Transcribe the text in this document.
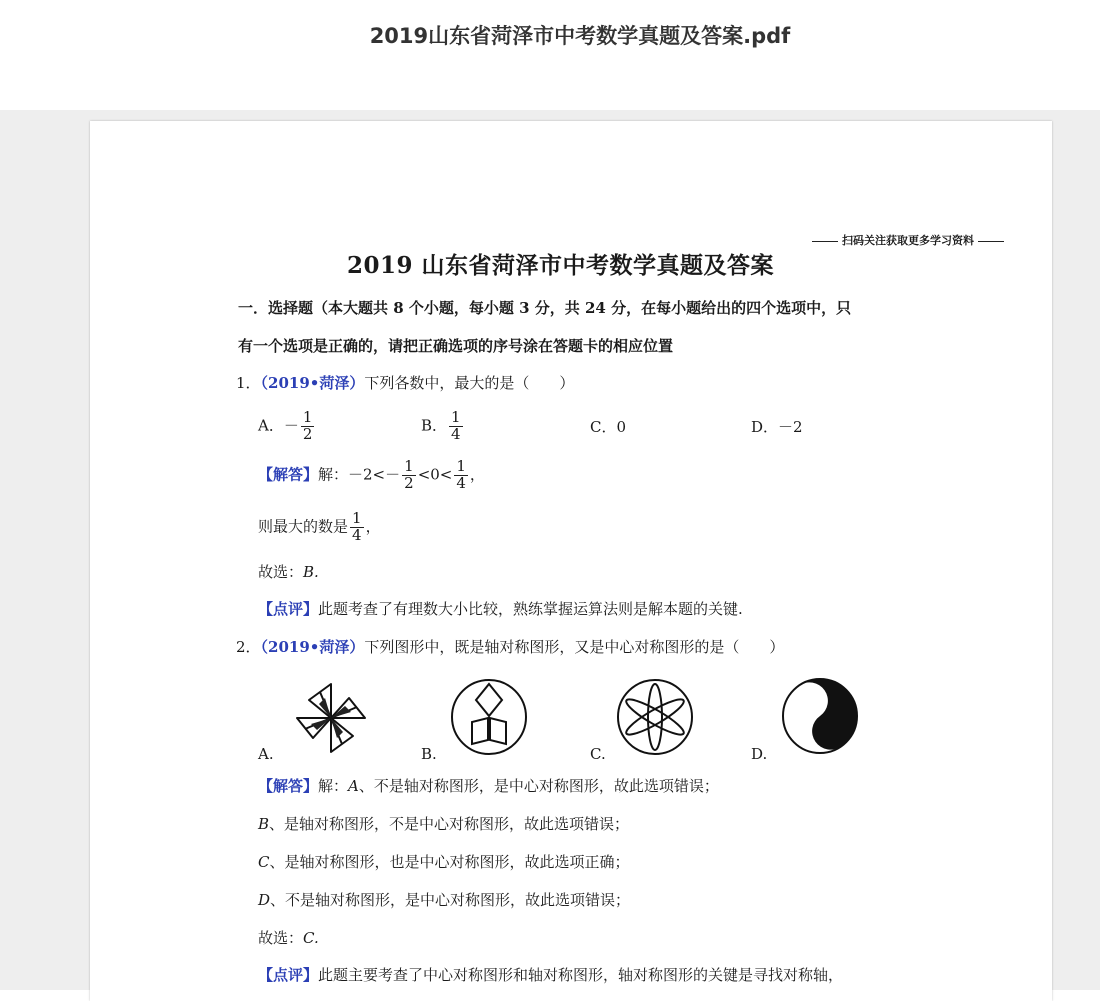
2019山东省菏泽市中考数学真题及答案.pdf
扫码关注获取更多学习资料
2019 山东省菏泽市中考数学真题及答案
一．选择题（本大题共 8 个小题，每小题 3 分，共 24 分，在每小题给出的四个选项中，只
有一个选项是正确的，请把正确选项的序号涂在答题卡的相应位置
1．（2019•菏泽）下列各数中，最大的是（　　）
A．－ $\frac{1}{2}$	B． $\frac{1}{4}$	C．0	D．－2
【解答】解：$-2<- \frac{1}{2} <0< \frac{1}{4}$ ，
则最大的数是 $\frac{1}{4}$ ，
故选：B.
【点评】此题考查了有理数大小比较，熟练掌握运算法则是解本题的关键.
2．（2019•菏泽）下列图形中，既是轴对称图形，又是中心对称图形的是（　　）
A.	B.	C.	D.
【解答】解：A、不是轴对称图形，是中心对称图形，故此选项错误；
B、是轴对称图形，不是中心对称图形，故此选项错误；
C、是轴对称图形，也是中心对称图形，故此选项正确；
D、不是轴对称图形，是中心对称图形，故此选项错误；
故选：C.
【点评】此题主要考查了中心对称图形和轴对称图形，轴对称图形的关键是寻找对称轴，
